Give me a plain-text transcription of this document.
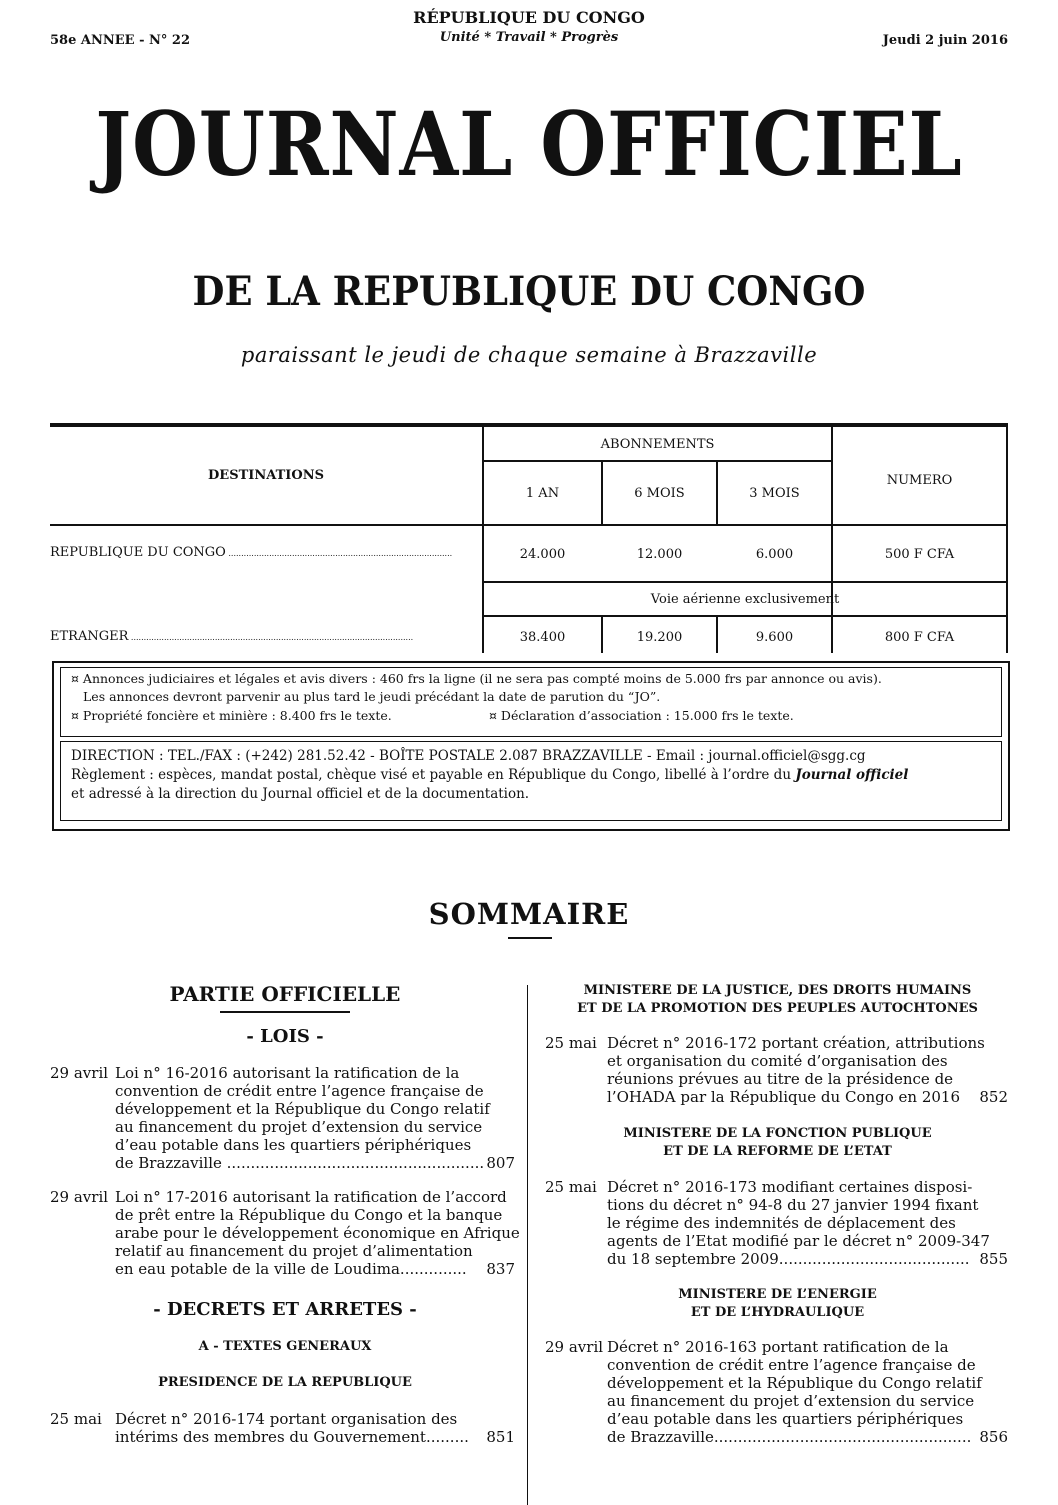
RÉPUBLIQUE DU CONGO
Unité * Travail * Progrès
58e ANNEE - N° 22	Jeudi 2 juin 2016
JOURNAL OFFICIEL
DE LA REPUBLIQUE DU CONGO
paraissant le jeudi de chaque semaine à Brazzaville
DESTINATIONS
ABONNEMENTS
1 AN	6 MOIS	3 MOIS
NUMERO
REPUBLIQUE DU CONGO ........................................................................................	24.000	12.000	6.000	500 F CFA
Voie aérienne exclusivement
ETRANGER ...............................................................................................................	38.400	19.200	9.600	800 F CFA
¤ Annonces judiciaires et légales et avis divers : 460 frs la ligne (il ne sera pas compté moins de 5.000 frs par annonce ou avis).
Les annonces devront parvenir au plus tard le jeudi précédant la date de parution du “JO”.
¤ Propriété foncière et minière : 8.400 frs le texte.	¤ Déclaration d’association : 15.000 frs le texte.
DIRECTION : TEL./FAX : (+242) 281.52.42 - BOÎTE POSTALE 2.087 BRAZZAVILLE - Email : journal.officiel@sgg.cg
Règlement : espèces, mandat postal, chèque visé et payable en République du Congo, libellé à l’ordre du Journal officiel
et adressé à la direction du Journal officiel et de la documentation.
SOMMAIRE
PARTIE OFFICIELLE
- LOIS -
29 avril Loi n° 16-2016 autorisant la ratification de la
convention de crédit entre l’agence française de
développement et la République du Congo relatif
au financement du projet d’extension du service
d’eau potable dans les quartiers périphériques
de Brazzaville ...................................................... 807
29 avril Loi n° 17-2016 autorisant la ratification de l’accord
de prêt entre la République du Congo et la banque
arabe pour le développement économique en Afrique
relatif au financement du projet d’alimentation
en eau potable de la ville de Loudima..............	837
- DECRETS ET ARRETES -
A - TEXTES GENERAUX
PRESIDENCE DE LA REPUBLIQUE
25 mai Décret n° 2016-174 portant organisation des
intérims des membres du Gouvernement.........	851
MINISTERE DE LA JUSTICE, DES DROITS HUMAINS
ET DE LA PROMOTION DES PEUPLES AUTOCHTONES
25 mai Décret n° 2016-172 portant création, attributions
et organisation du comité d’organisation des
réunions prévues au titre de la présidence de
l’OHADA par la République du Congo en 2016	852
MINISTERE DE LA FONCTION PUBLIQUE
ET DE LA REFORME DE L’ETAT
25 mai Décret n° 2016-173 modifiant certaines disposi-
tions du décret n° 94-8 du 27 janvier 1994 fixant
le régime des indemnités de déplacement des
agents de l’Etat modifié par le décret n° 2009-347
du 18 septembre 2009........................................ 855
MINISTERE DE L’ENERGIE
ET DE L’HYDRAULIQUE
29 avril Décret n° 2016-163 portant ratification de la
convention de crédit entre l’agence française de
développement et la République du Congo relatif
au financement du projet d’extension du service
d’eau potable dans les quartiers périphériques
de Brazzaville...................................................... 856
